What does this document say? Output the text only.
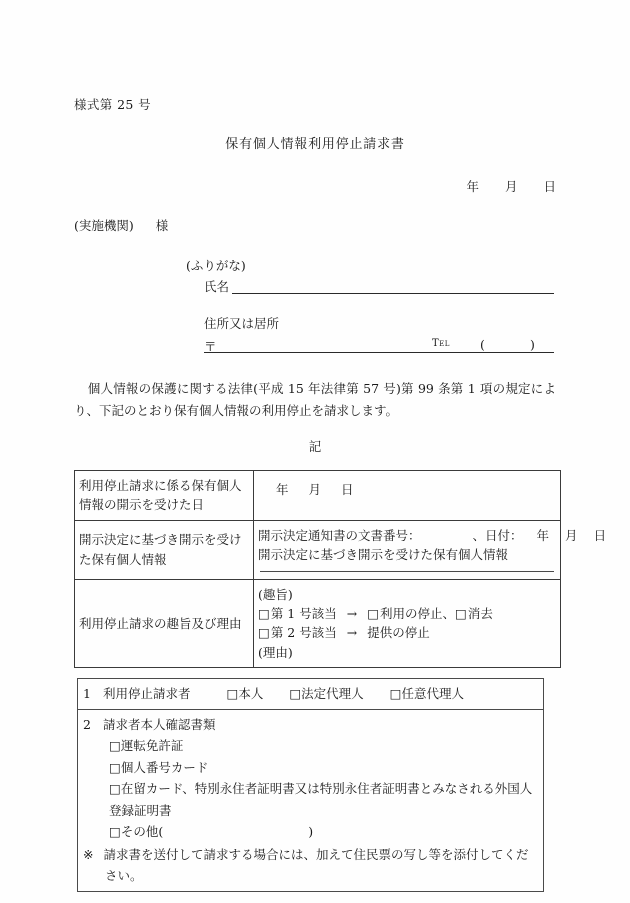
様式第 25 号
保有個人情報利用停止請求書
年 月 日
(実施機関) 様
(ふりがな)
氏名
住所又は居所
〒	Tel (	)
個人情報の保護に関する法律(平成 15 年法律第 57 号)第 99 条第 1 項の規定により、下記のとおり保有個人情報の利用停止を請求します。
記
利用停止請求に係る保有個人情報の開示を受けた日	年 月 日

開示決定に基づき開示を受けた保有個人情報	開示決定通知書の文書番号： 、日付： 年 月 日
開示決定に基づき開示を受けた保有個人情報

利用停止請求の趣旨及び理由	(趣旨)
□第 1 号該当 → □利用の停止、□消去
□第 2 号該当 → 提供の停止
(理由)
1 利用停止請求者	□本人 □法定代理人 □任意代理人
2 請求者本人確認書類
□運転免許証
□個人番号カード
□在留カード、特別永住者証明書又は特別永住者証明書とみなされる外国人登録証明書
□その他(	)
※ 請求書を送付して請求する場合には、加えて住民票の写し等を添付してください。
